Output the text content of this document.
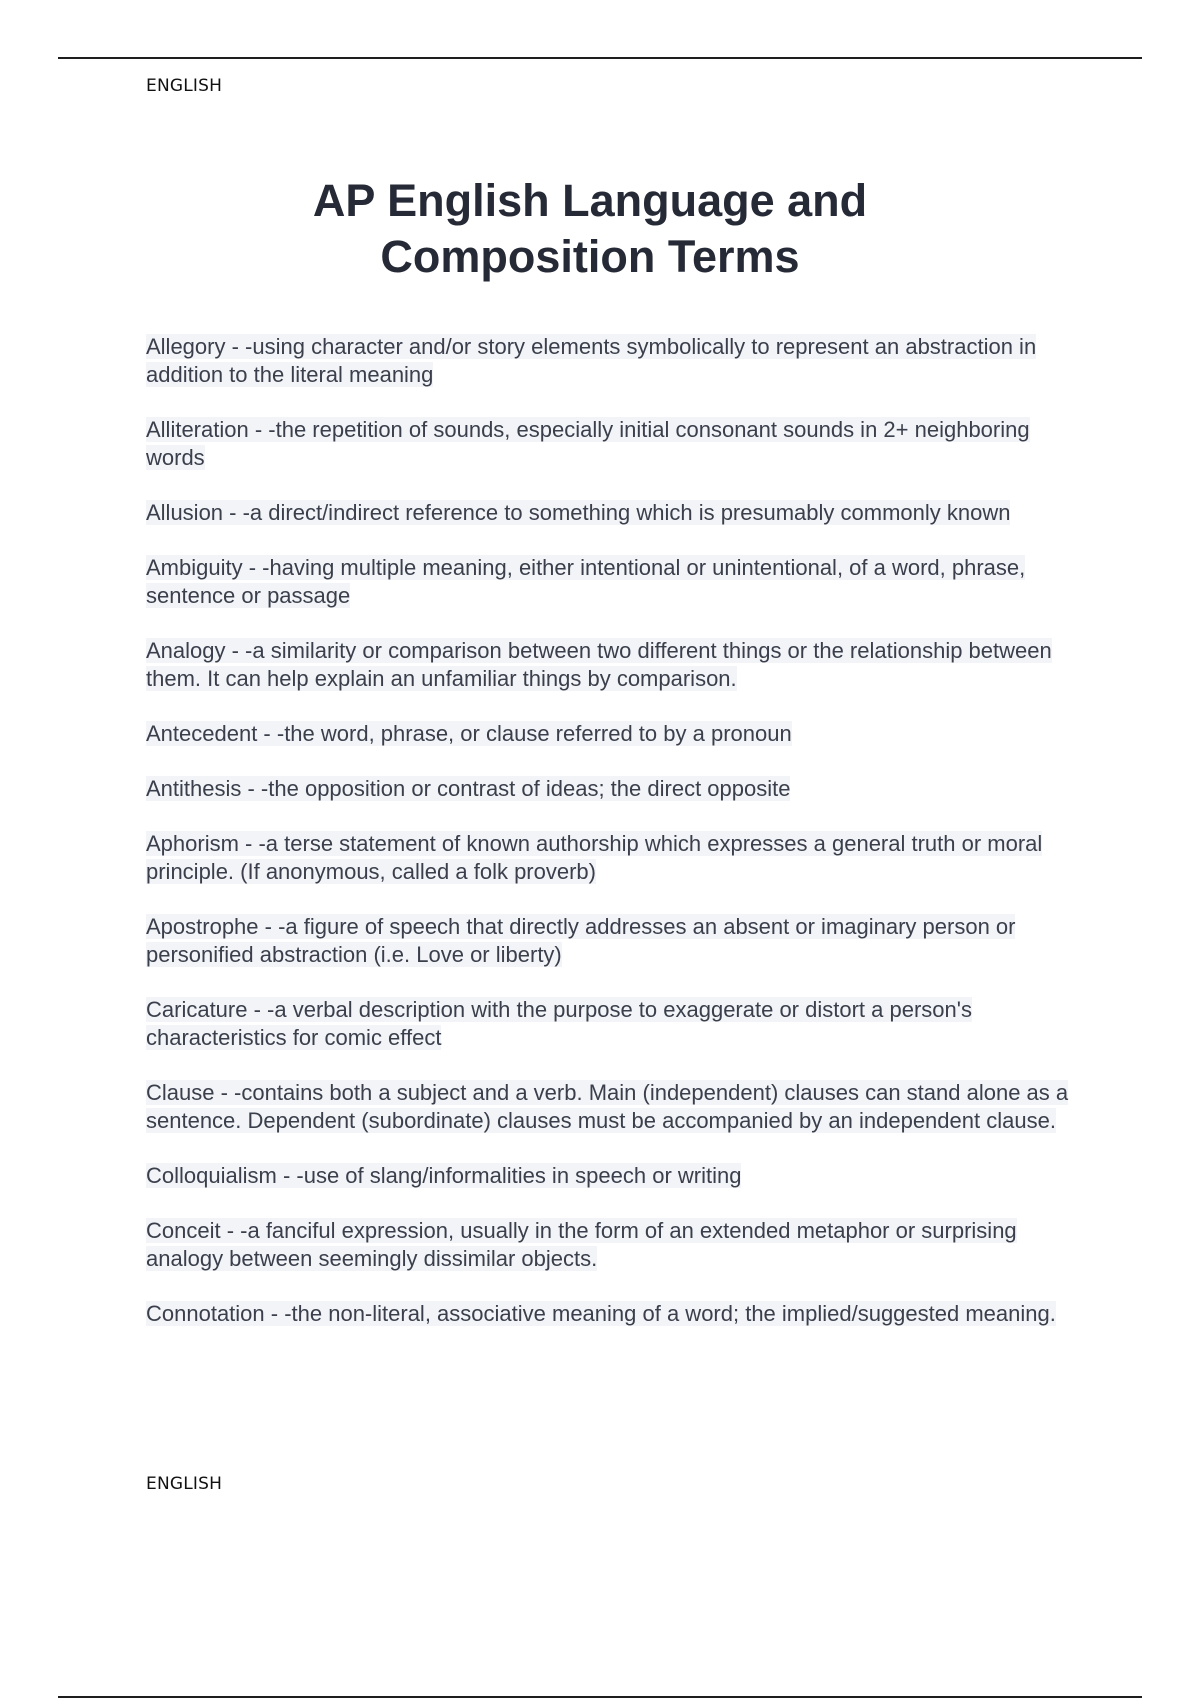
ENGLISH
AP English Language and Composition Terms
Allegory - -using character and/or story elements symbolically to represent an abstraction in addition to the literal meaning
Alliteration - -the repetition of sounds, especially initial consonant sounds in 2+ neighboring words
Allusion - -a direct/indirect reference to something which is presumably commonly known
Ambiguity - -having multiple meaning, either intentional or unintentional, of a word, phrase, sentence or passage
Analogy - -a similarity or comparison between two different things or the relationship between them. It can help explain an unfamiliar things by comparison.
Antecedent - -the word, phrase, or clause referred to by a pronoun
Antithesis - -the opposition or contrast of ideas; the direct opposite
Aphorism - -a terse statement of known authorship which expresses a general truth or moral principle. (If anonymous, called a folk proverb)
Apostrophe - -a figure of speech that directly addresses an absent or imaginary person or personified abstraction (i.e. Love or liberty)
Caricature - -a verbal description with the purpose to exaggerate or distort a person's characteristics for comic effect
Clause - -contains both a subject and a verb. Main (independent) clauses can stand alone as a sentence. Dependent (subordinate) clauses must be accompanied by an independent clause.
Colloquialism - -use of slang/informalities in speech or writing
Conceit - -a fanciful expression, usually in the form of an extended metaphor or surprising analogy between seemingly dissimilar objects.
Connotation - -the non-literal, associative meaning of a word; the implied/suggested meaning.
ENGLISH
